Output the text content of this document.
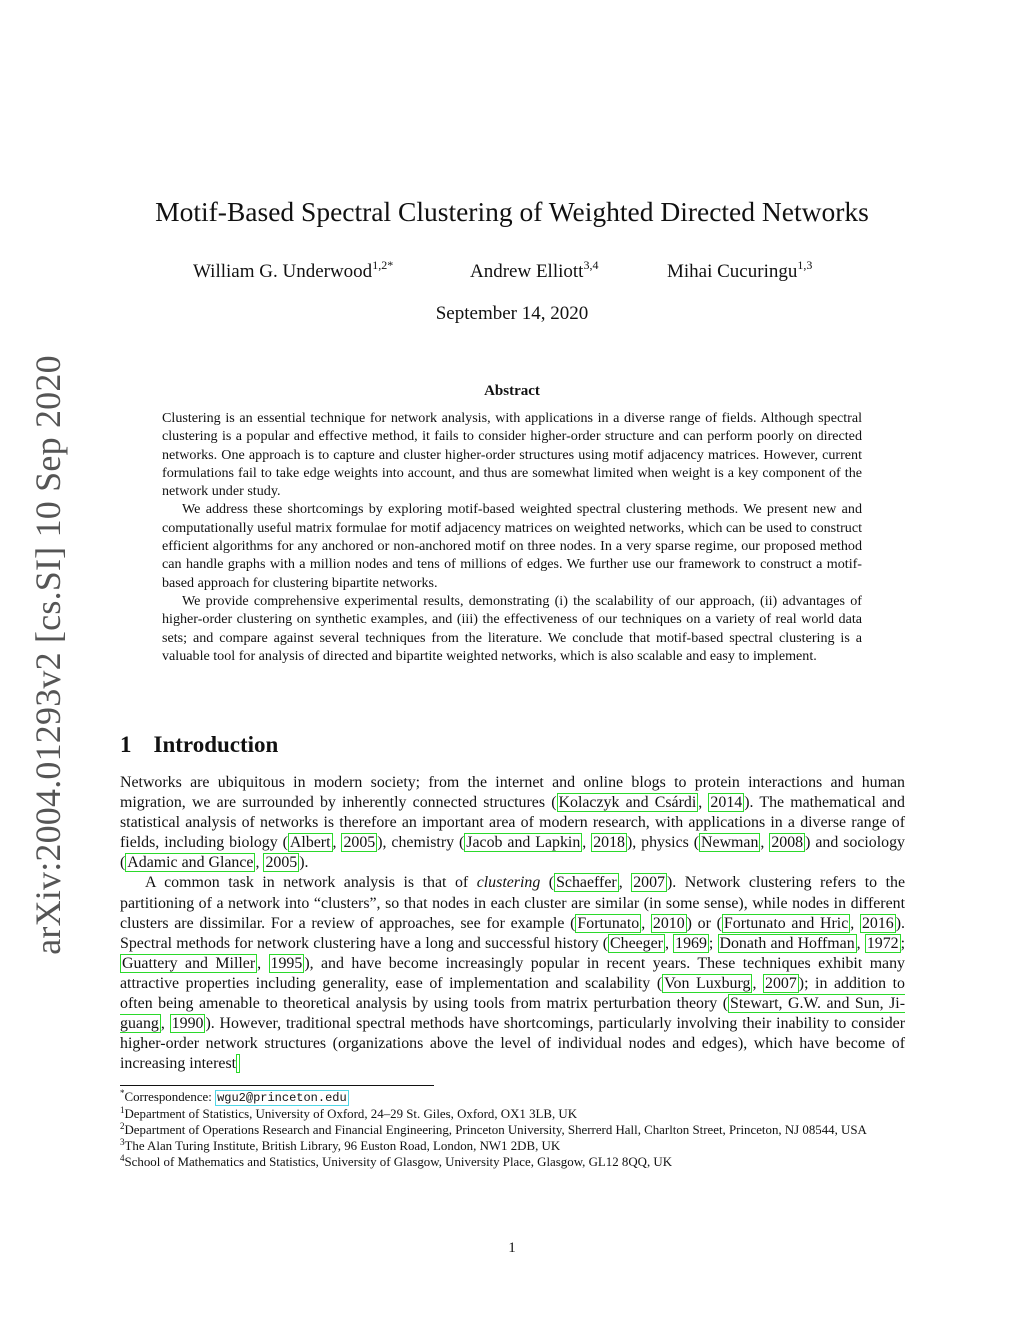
arXiv:2004.01293v2 [cs.SI] 10 Sep 2020
Motif-Based Spectral Clustering of Weighted Directed Networks
William G. Underwood$^{1,2*}$	Andrew Elliott$^{3,4}$	Mihai Cucuringu$^{1,3}$
September 14, 2020
Abstract

Clustering is an essential technique for network analysis, with applications in a diverse range of fields. Although spectral clustering is a popular and effective method, it fails to consider higher-order structure and can perform poorly on directed networks. One approach is to capture and cluster higher-order structures using motif adjacency matrices. However, current formulations fail to take edge weights into account, and thus are somewhat limited when weight is a key component of the network under study.

We address these shortcomings by exploring motif-based weighted spectral clustering methods. We present new and computationally useful matrix formulae for motif adjacency matrices on weighted networks, which can be used to construct efficient algorithms for any anchored or non-anchored motif on three nodes. In a very sparse regime, our proposed method can handle graphs with a million nodes and tens of millions of edges. We further use our framework to construct a motif-based approach for clustering bipartite networks.

We provide comprehensive experimental results, demonstrating (i) the scalability of our approach, (ii) advantages of higher-order clustering on synthetic examples, and (iii) the effectiveness of our techniques on a variety of real world data sets; and compare against several techniques from the literature. We conclude that motif-based spectral clustering is a valuable tool for analysis of directed and bipartite weighted networks, which is also scalable and easy to implement.

1 Introduction

Networks are ubiquitous in modern society; from the internet and online blogs to protein interactions and human migration, we are surrounded by inherently connected structures ( Kolaczyk and Csárdi , 2014 ). The mathematical and statistical analysis of networks is therefore an important area of modern research, with applications in a diverse range of fields, including biology ( Albert , 2005 ), chemistry ( Jacob and Lapkin , 2018 ), physics ( Newman , 2008 ) and sociology ( Adamic and Glance , 2005 ).

A common task in network analysis is that of clustering ( Schaeffer , 2007 ). Network clustering refers to the partitioning of a network into “clusters”, so that nodes in each cluster are similar (in some sense), while nodes in different clusters are dissimilar. For a review of approaches, see for example ( Fortunato , 2010 ) or ( Fortunato and Hric , 2016 ). Spectral methods for network clustering have a long and successful history ( Cheeger , 1969 ; Donath and Hoffman , 1972 ; Guattery and Miller , 1995 ), and have become increasingly popular in recent years. These techniques exhibit many attractive properties including generality, ease of implementation and scalability ( Von Luxburg , 2007 ); in addition to often being amenable to theoretical analysis by using tools from matrix perturbation theory ( Stewart, G.W. and Sun, Ji-guang , 1990 ). However, traditional spectral methods have shortcomings, particularly involving their inability to consider higher-order network structures (organizations above the level of individual nodes and edges), which have become of increasing interest

*Correspondence: wgu2@princeton.edu

$^1$Department of Statistics, University of Oxford, 24–29 St. Giles, Oxford, OX1 3LB, UK

$^2$Department of Operations Research and Financial Engineering, Princeton University, Sherrerd Hall, Charlton Street, Princeton, NJ 08544, USA

$^3$The Alan Turing Institute, British Library, 96 Euston Road, London, NW1 2DB, UK

$^4$School of Mathematics and Statistics, University of Glasgow, University Place, Glasgow, GL12 8QQ, UK

1
